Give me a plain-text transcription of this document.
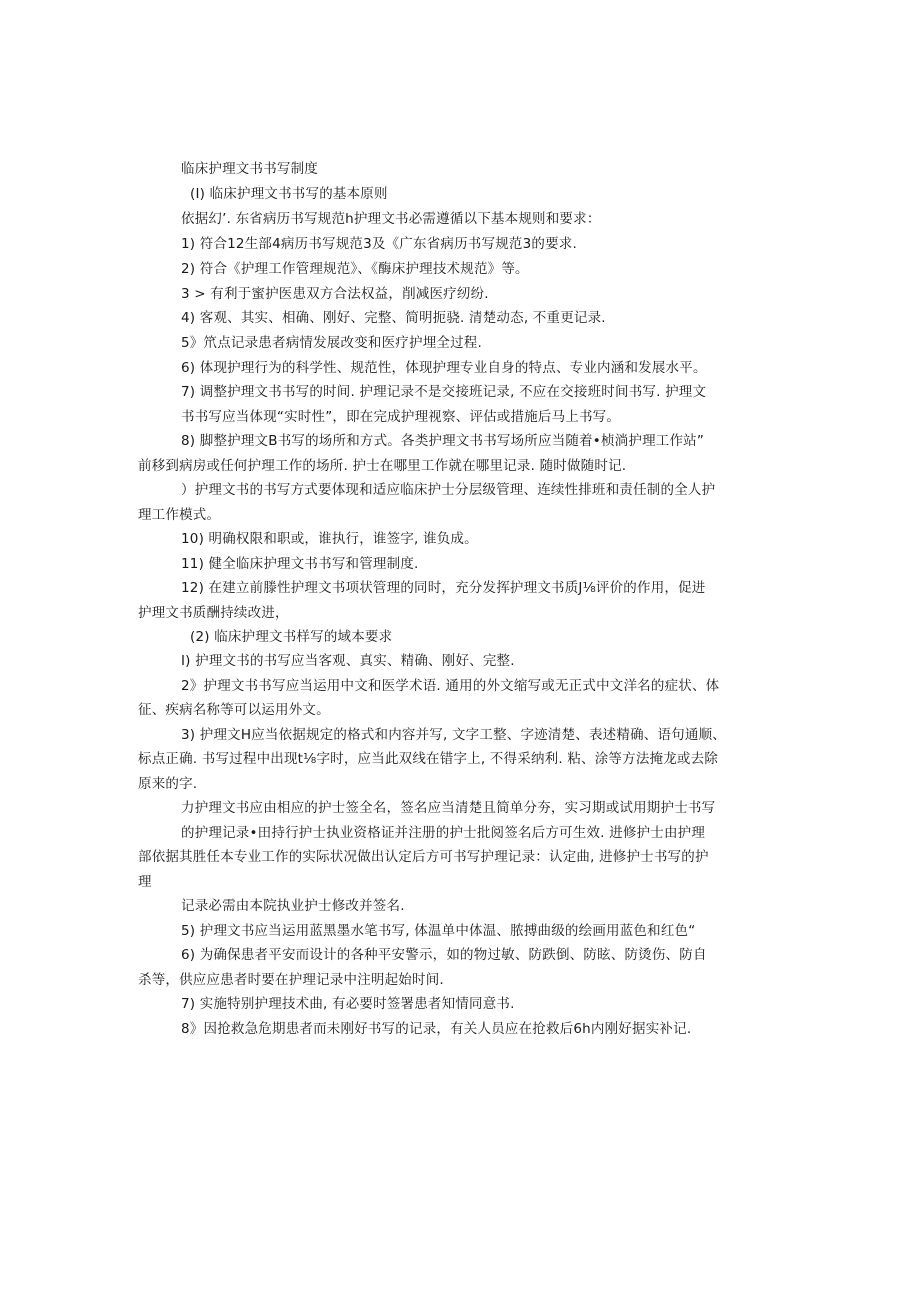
临床护理文书书写制度
(I) 临床护理文书书写的基本原则
依据幻’. 东省病历书写规范h护理文书必需遵循以下基本规则和要求：
1) 符合12生部4病历书写规范3及《广东省病历书写规范3的要求.
2) 符合《护理工作管理规范》、《酶床护理技术规范》等。
3 > 有利于蜜护医患双方合法权益，削减医疗纫纷.
4) 客观、其实、相确、刚好、完整、简明扼骁. 清楚动态, 不重更记录.
5》笊点记录患者病情发展改变和医疗护埋全过程.
6) 体现护理行为的科学性、规范性，体现护理专业自身的特点、专业内涵和发展水平。
7) 调整护理文书书写的时间. 护理记录不是交接班记录, 不应在交接班时间书写. 护理文
书书写应当体现“实时性”，即在完成护理视察、评估或措施后马上书写。
8) 脚整护理文B书写的场所和方式。各类护理文书书写场所应当随着•桢淌护理工作站”
前移到病房或任何护理工作的场所. 护士在哪里工作就在哪里记录. 随时做随时记.
）护理文书的书写方式要体现和适应临床护士分层级管理、连续性排班和责任制的全人护
理工作模式。
10) 明确权限和职或，谁执行，谁签字, 谁负成。
11) 健全临床护理文书书写和管理制度.
12) 在建立前滕性护理文书项状管理的同时，充分发挥护理文书质J⅛评价的作用，促进
护理文书质酬持续改进，
(2) 临床护理文书样写的域本要求
I) 护理文书的书写应当客观、真实、精确、刚好、完整.
2》护理文书书写应当运用中文和医学术语. 通用的外文缩写或无正式中文洋名的症状、体
征、疾病名称等可以运用外文。
3) 护理文H应当依据规定的格式和内容并写, 文字工整、字迹清楚、表述精确、语句通顺、
标点正确. 书写过程中出现t⅛字时，应当此双线在错字上, 不得采纳利. 粘、涂等方法掩龙或去除
原来的字.
力护理文书应由相应的护士签全名，签名应当清楚且简单分夯，实习期或试用期护士书写
的护理记录•田持行护士执业资格证并注册的护士批阅签名后方可生效. 进修护士由护理
部依据其胜任本专业工作的实际状况做出认定后方可书写护理记录：认定曲, 进修护士书写的护
理
记录必需由本院执业护士修改并签名.
5) 护理文书应当运用蓝黑墨水笔书写, 体温单中体温、脓搏曲级的绘画用蓝色和红色“
6) 为确保患者平安而设计的各种平安警示，如的物过敏、防跌倒、防眩、防烫伤、防自
杀等，供应应患者时要在护理记录中注明起始时间.
7) 实施特别护理技术曲, 有必要时签署患者知情同意书.
8》因抢救急危期患者而未刚好书写的记录，有关人员应在抢救后6h内刚好据实补记.
